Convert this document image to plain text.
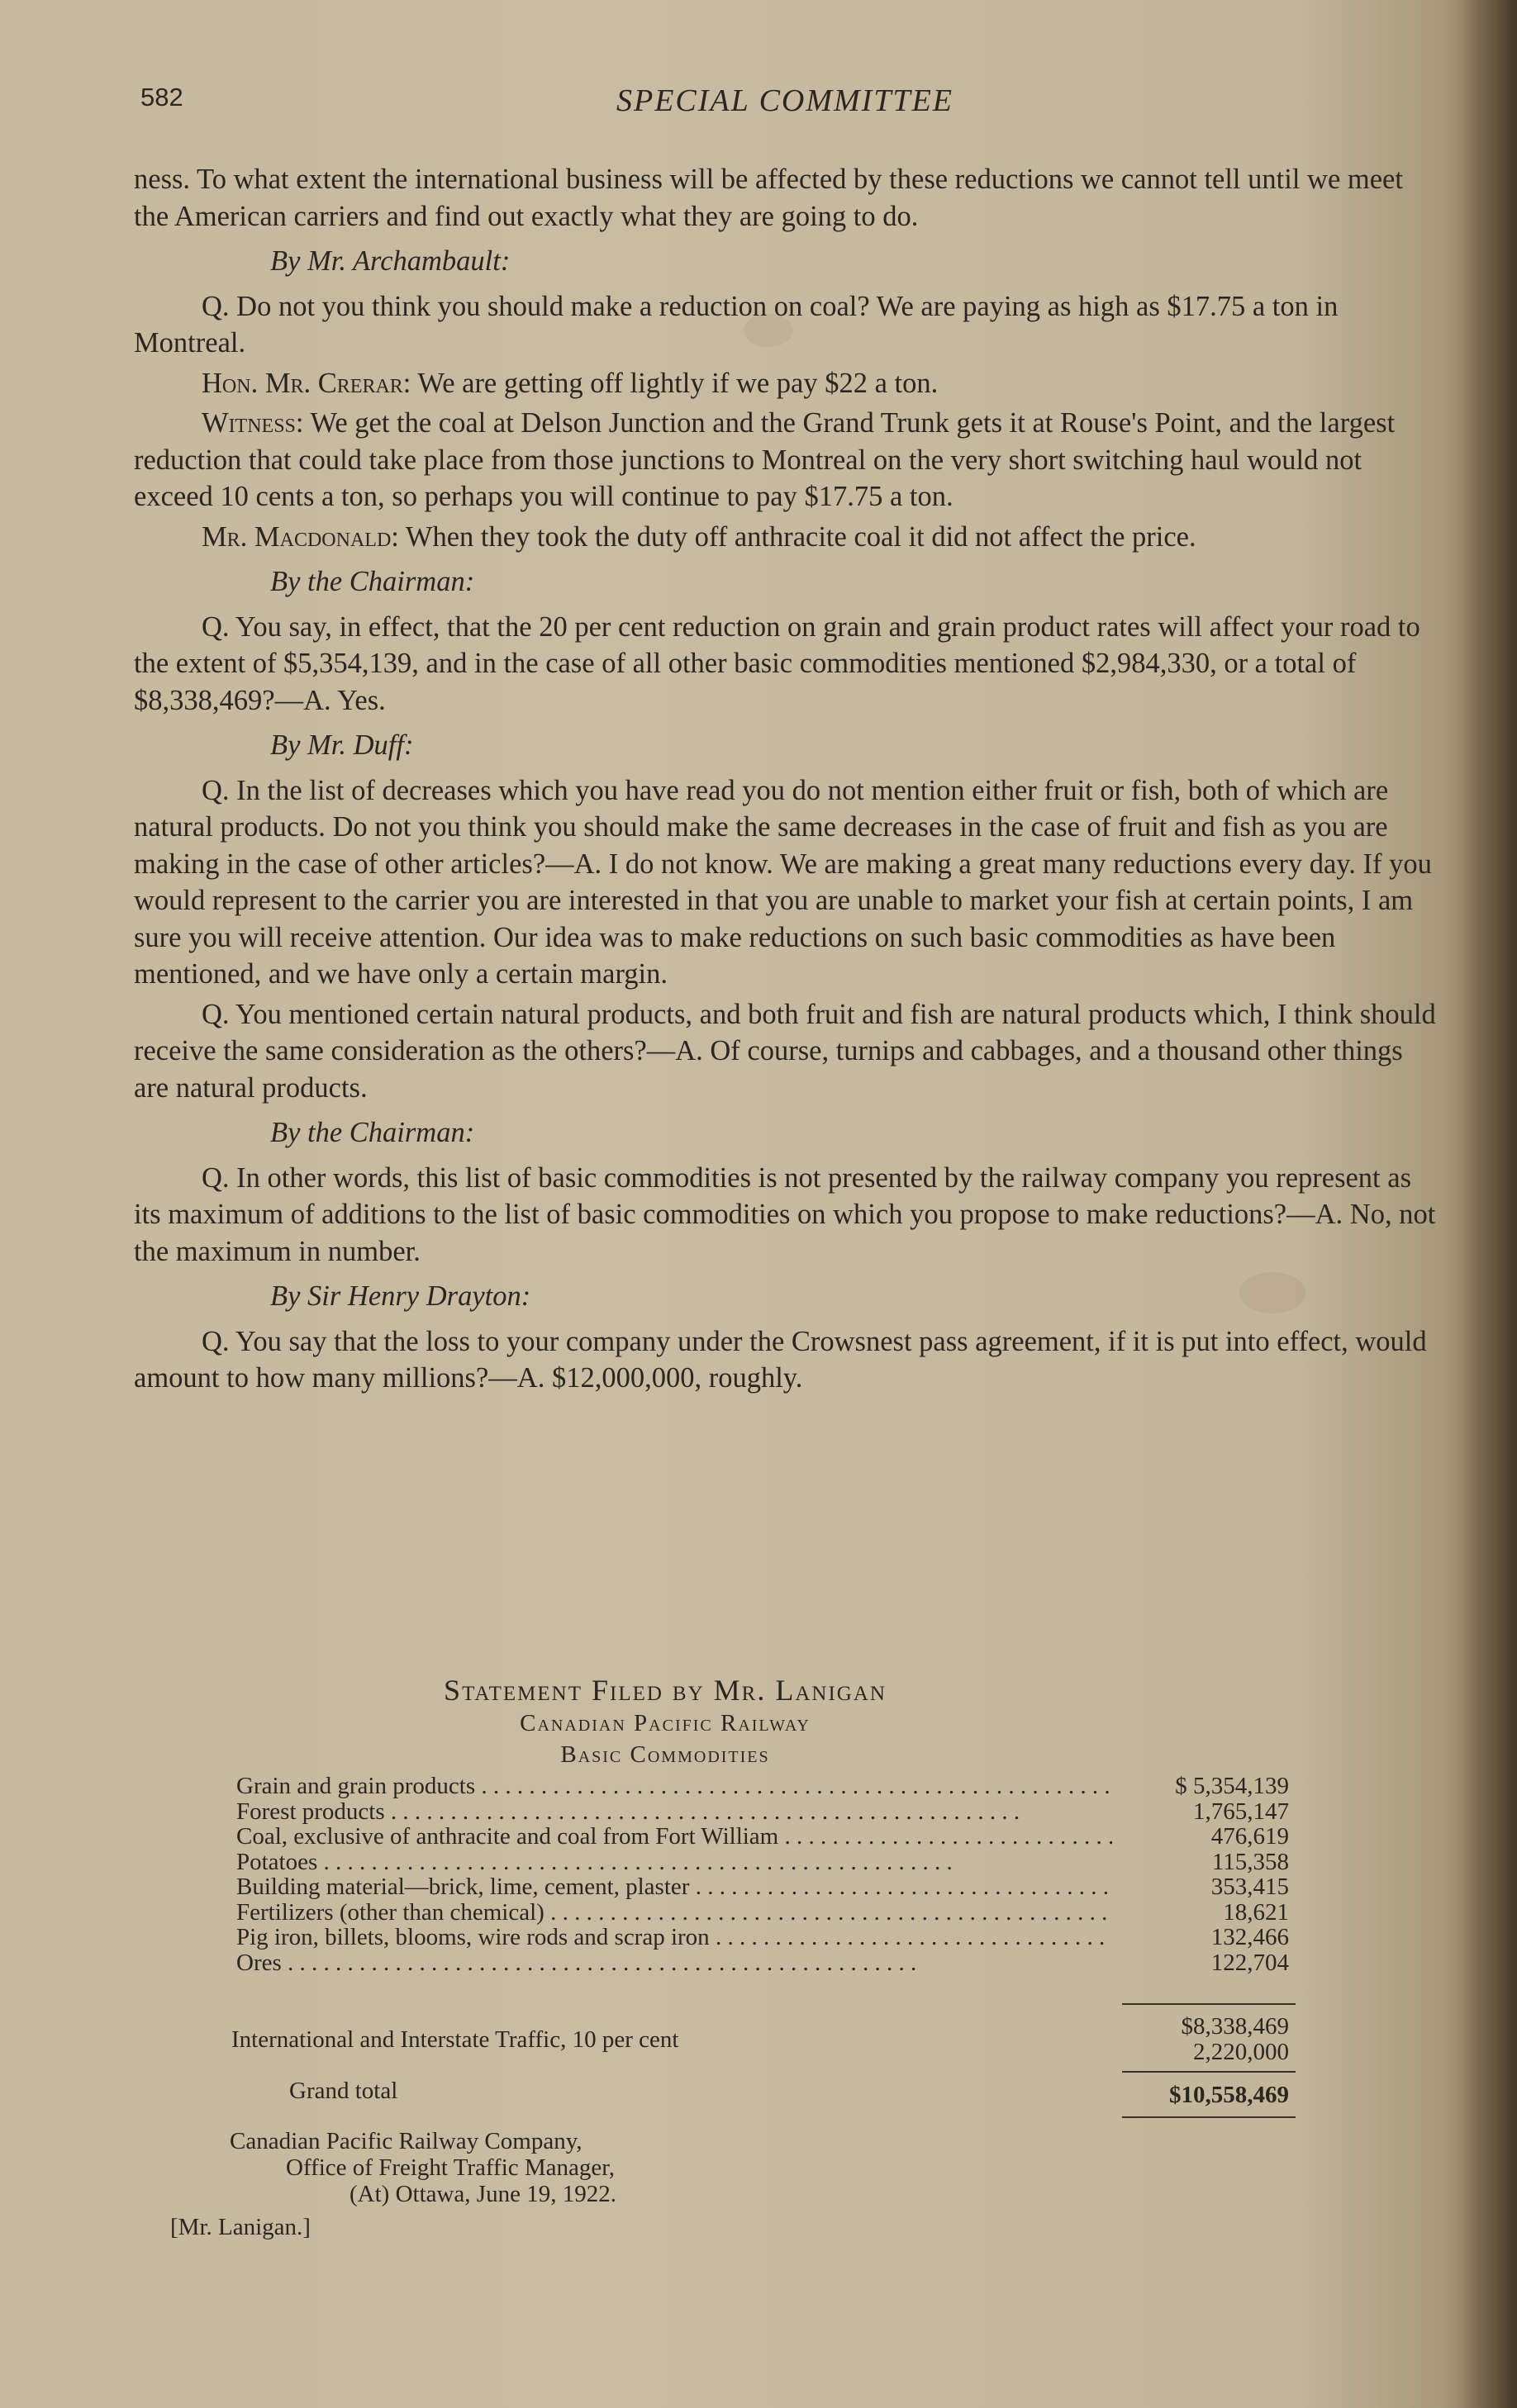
582	SPECIAL COMMITTEE

ness. To what extent the international business will be affected by these reductions we cannot tell until we meet the American carriers and find out exactly what they are going to do.

By Mr. Archambault:

Q. Do not you think you should make a reduction on coal? We are paying as high as $17.75 a ton in Montreal.

Hon. Mr. Crerar: We are getting off lightly if we pay $22 a ton.

Witness: We get the coal at Delson Junction and the Grand Trunk gets it at Rouse's Point, and the largest reduction that could take place from those junctions to Montreal on the very short switching haul would not exceed 10 cents a ton, so perhaps you will continue to pay $17.75 a ton.

Mr. Macdonald: When they took the duty off anthracite coal it did not affect the price.

By the Chairman:

Q. You say, in effect, that the 20 per cent reduction on grain and grain product rates will affect your road to the extent of $5,354,139, and in the case of all other basic commodities mentioned $2,984,330, or a total of $8,338,469?—A. Yes.

By Mr. Duff:

Q. In the list of decreases which you have read you do not mention either fruit or fish, both of which are natural products. Do not you think you should make the same decreases in the case of fruit and fish as you are making in the case of other articles?—A. I do not know. We are making a great many reductions every day. If you would represent to the carrier you are interested in that you are unable to market your fish at certain points, I am sure you will receive attention. Our idea was to make reductions on such basic commodities as have been mentioned, and we have only a certain margin.

Q. You mentioned certain natural products, and both fruit and fish are natural products which, I think should receive the same consideration as the others?—A. Of course, turnips and cabbages, and a thousand other things are natural products.

By the Chairman:

Q. In other words, this list of basic commodities is not presented by the railway company you represent as its maximum of additions to the list of basic commodities on which you propose to make reductions?—A. No, not the maximum in number.

By Sir Henry Drayton:

Q. You say that the loss to your company under the Crowsnest pass agreement, if it is put into effect, would amount to how many millions?—A. $12,000,000, roughly.

Statement Filed by Mr. Lanigan
Canadian Pacific Railway
Basic Commodities
Grain and grain products . . .	$ 5,354,139
Forest products . . .	1,765,147
Coal, exclusive of anthracite and coal from Fort William . . .	476,619
Potatoes . . .	115,358
Building material—brick, lime, cement, plaster . . .	353,415
Fertilizers (other than chemical) . . .	18,621
Pig iron, billets, blooms, wire rods and scrap iron . . .	132,466
Ores . . .	122,704
$8,338,469
International and Interstate Traffic, 10 per cent	2,220,000
Grand total	$10,558,469
Canadian Pacific Railway Company,
Office of Freight Traffic Manager,
(At) Ottawa, June 19, 1922.
[Mr. Lanigan.]
